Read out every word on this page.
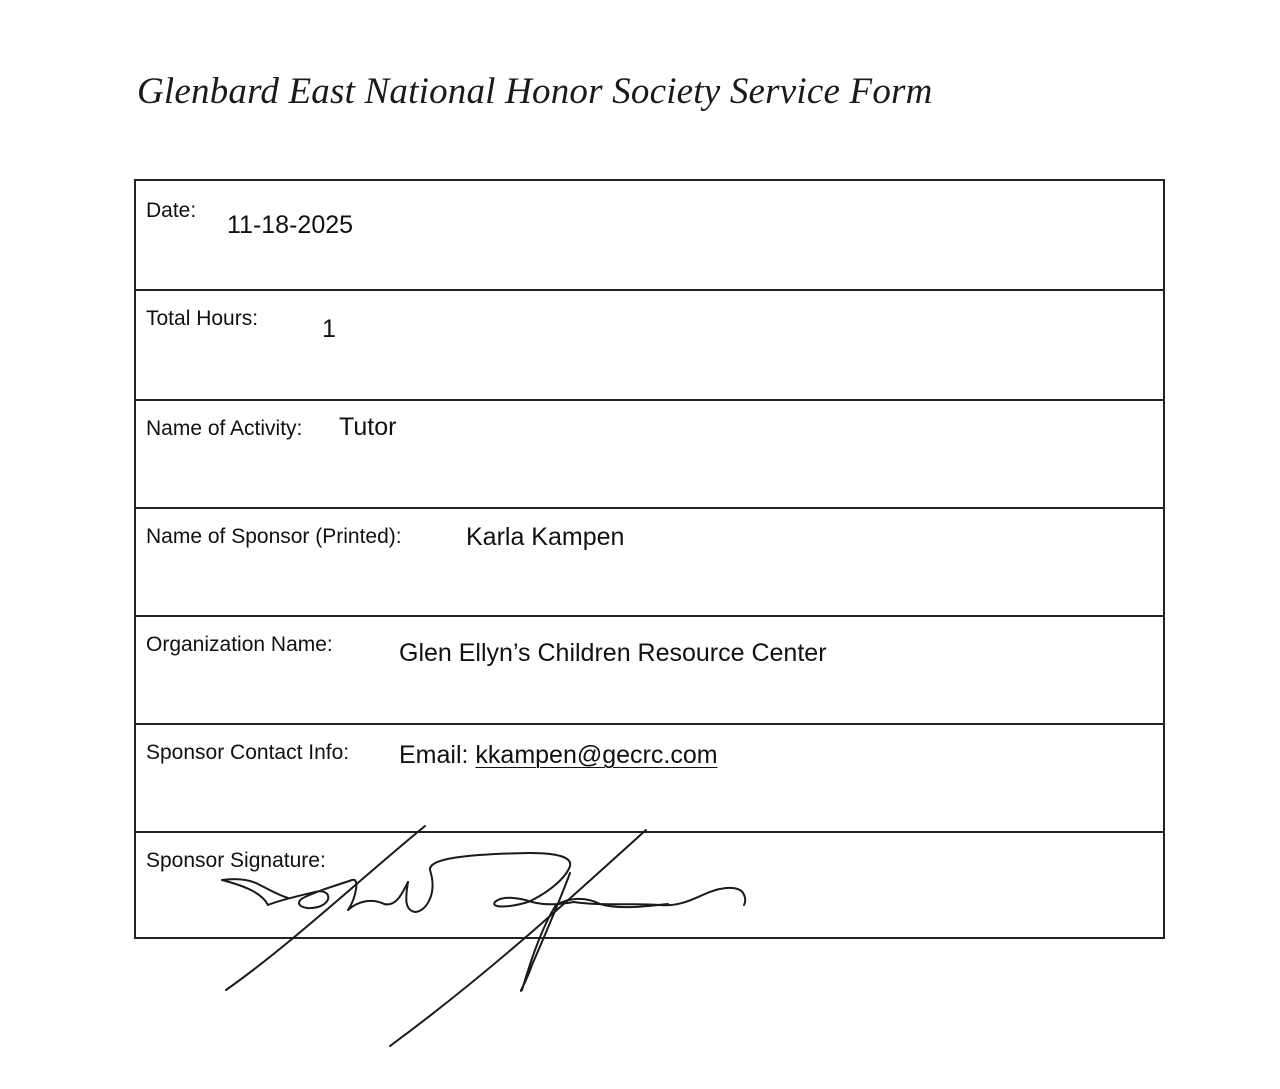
Glenbard East National Honor Society Service Form
Date:
11-18-2025
Total Hours:	1
Name of Activity: Tutor
Name of Sponsor (Printed):	Karla Kampen
Organization Name:	Glen Ellyn’s Children Resource Center
Sponsor Contact Info: Email: kkampen@gecrc.com
Sponsor Signature:
